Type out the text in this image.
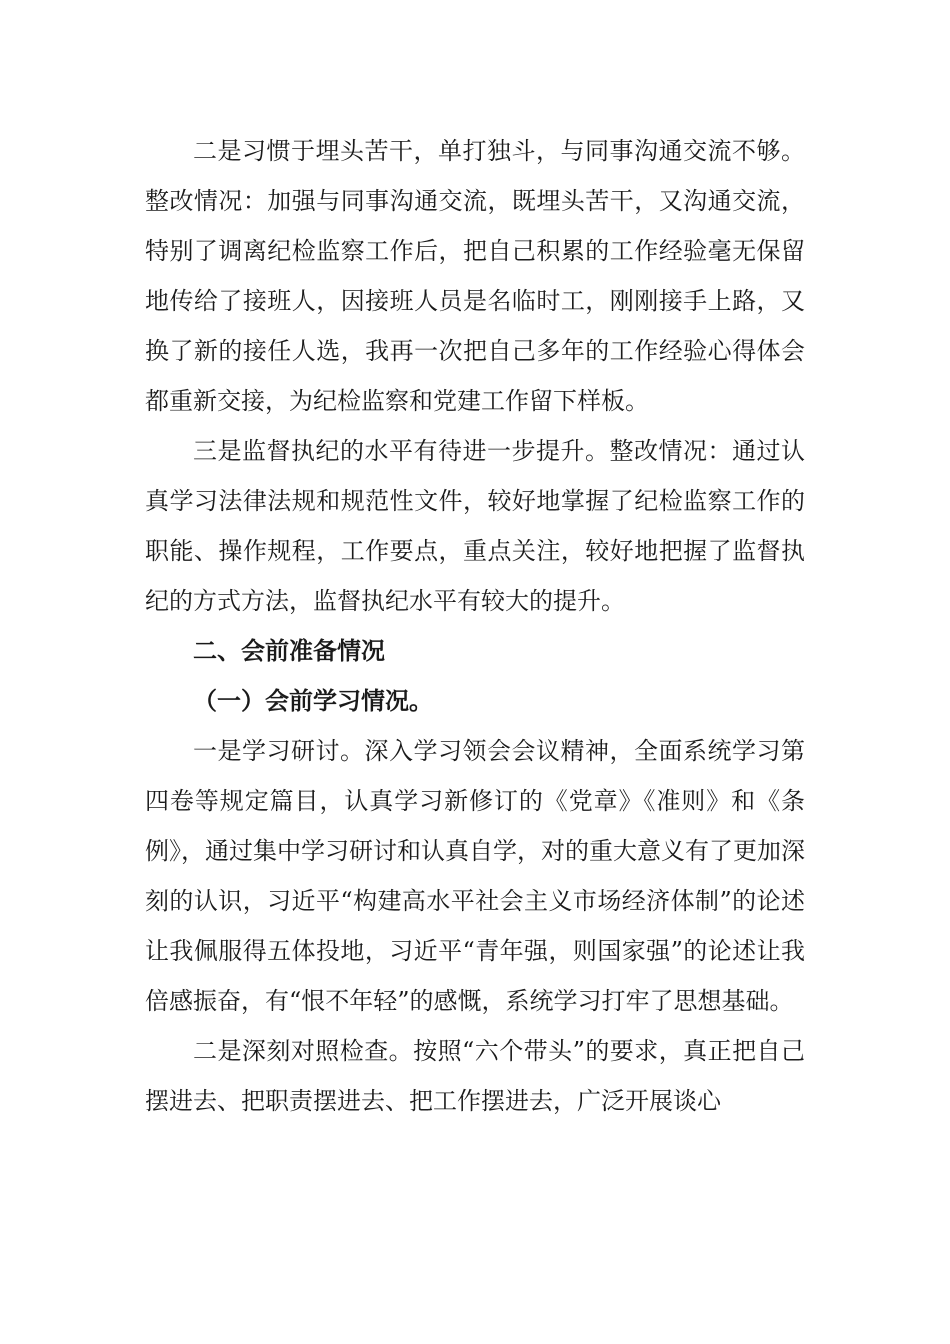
二是习惯于埋头苦干，单打独斗，与同事沟通交流不够。整改情况：加强与同事沟通交流，既埋头苦干，又沟通交流，特别了调离纪检监察工作后，把自己积累的工作经验毫无保留地传给了接班人，因接班人员是名临时工，刚刚接手上路，又换了新的接任人选，我再一次把自己多年的工作经验心得体会都重新交接，为纪检监察和党建工作留下样板。

三是监督执纪的水平有待进一步提升。整改情况：通过认真学习法律法规和规范性文件，较好地掌握了纪检监察工作的职能、操作规程，工作要点，重点关注，较好地把握了监督执纪的方式方法，监督执纪水平有较大的提升。

二、会前准备情况

（一）会前学习情况。

一是学习研讨。深入学习领会会议精神，全面系统学习第四卷等规定篇目，认真学习新修订的《党章》《准则》和《条例》，通过集中学习研讨和认真自学，对的重大意义有了更加深刻的认识，习近平“构建高水平社会主义市场经济体制”的论述让我佩服得五体投地，习近平“青年强，则国家强”的论述让我倍感振奋，有“恨不年轻”的感慨，系统学习打牢了思想基础。

二是深刻对照检查。按照“六个带头”的要求，真正把自己摆进去、把职责摆进去、把工作摆进去，广泛开展谈心
